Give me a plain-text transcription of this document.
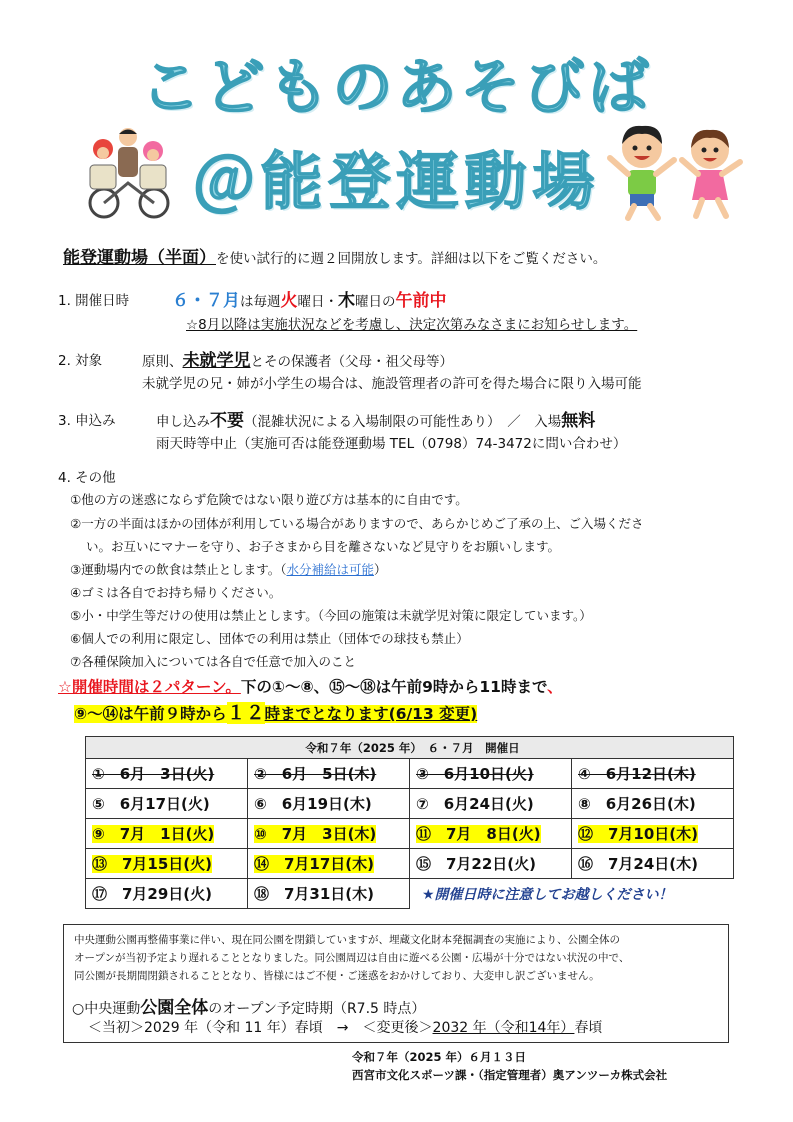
こどものあそびば
＠能登運動場
能登運動場（半面）を使い試行的に週２回開放します。詳細は以下をご覧ください。
1. 開催日時	６・７月は毎週火曜日・木曜日の午前中
☆8月以降は実施状況などを考慮し、決定次第みなさまにお知らせします。
2. 対象	原則、未就学児とその保護者（父母・祖父母等）
未就学児の兄・姉が小学生の場合は、施設管理者の許可を得た場合に限り入場可能
3. 申込み	申し込み不要（混雑状況による入場制限の可能性あり）　／　入場無料
雨天時等中止（実施可否は能登運動場 TEL（0798）74-3472に問い合わせ）
4. その他
①他の方の迷惑にならず危険ではない限り遊び方は基本的に自由です。
②一方の半面はほかの団体が利用している場合がありますので、あらかじめご了承の上、ご入場くださ
い。お互いにマナーを守り、お子さまから目を離さないなど見守りをお願いします。
③運動場内での飲食は禁止とします。（水分補給は可能）
④ゴミは各自でお持ち帰りください。
⑤小・中学生等だけの使用は禁止とします。（今回の施策は未就学児対策に限定しています。）
⑥個人での利用に限定し、団体での利用は禁止（団体での球技も禁止）
⑦各種保険加入については各自で任意で加入のこと
☆開催時間は２パターン。下の①～⑧、⑮～⑱は午前9時から11時まで、
⑨～⑭は午前９時から１２時までとなります(6/13 変更)
令和７年（2025 年）　６・７月　開催日			
①　6月　3日(火)	②　6月　5日(木)	③　6月10日(火)	④　6月12日(木)
⑤　6月17日(火)	⑥　6月19日(木)	⑦　6月24日(火)	⑧　6月26日(木)
⑨　7月　1日(火)	⑩　7月　3日(木)	⑪　7月　8日(火)	⑫　7月10日(木)
⑬　7月15日(火)	⑭　7月17日(木)	⑮　7月22日(火)	⑯　7月24日(木)
⑰　7月29日(火)	⑱　7月31日(木)	★開催日時に注意してお越しください！	
中央運動公園再整備事業に伴い、現在同公園を閉鎖していますが、埋蔵文化財本発掘調査の実施により、公園全体の
オープンが当初予定より遅れることとなりました。同公園周辺は自由に遊べる公園・広場が十分ではない状況の中で、
同公園が長期間閉鎖されることとなり、皆様にはご不便・ご迷惑をおかけしており、大変申し訳ございません。
○中央運動公園全体のオープン予定時期（R7.5 時点）
＜当初＞2029 年（令和 11 年）春頃　→　＜変更後＞2032 年（令和14年）春頃
令和７年（2025 年）６月１３日
西宮市文化スポーツ課・（指定管理者）奥アンツーカ株式会社
